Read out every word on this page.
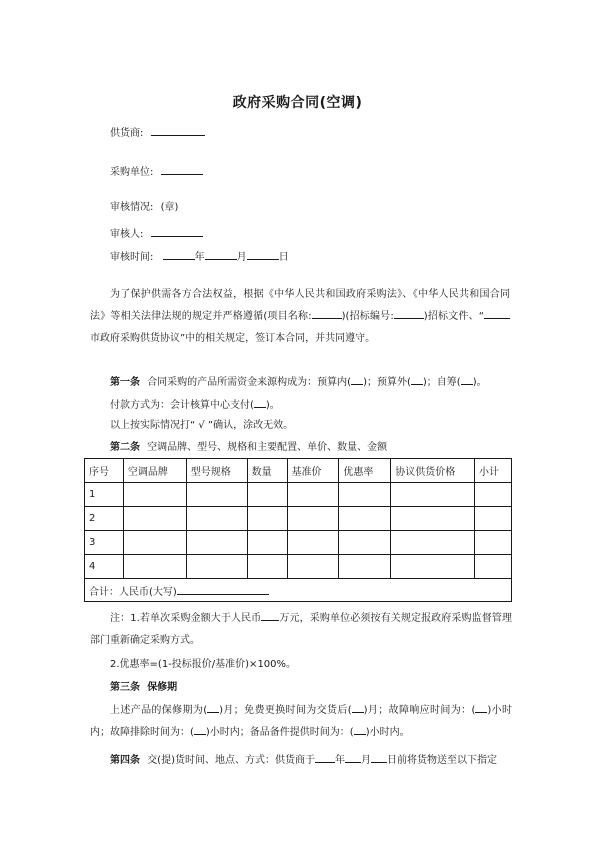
政府采购合同(空调)
供货商:
采购单位:
审核情况: (章)
审核人:
审核时间:	年	月	日
为了保护供需各方合法权益，根据《中华人民共和国政府采购法》、《中华人民共和国合同法》等相关法律法规的规定并严格遵循(项目名称:	)(招标编号:	)招标文件、“市政府采购供货协议”中的相关规定，签订本合同，并共同遵守。
第一条 合同采购的产品所需资金来源构成为：预算内( )；预算外( )；自筹( )。
付款方式为：会计核算中心支付( )。
以上按实际情况打“ √ ”确认，涂改无效。
第二条 空调品牌、型号、规格和主要配置、单价、数量、金额
序号	空调品牌	型号规格	数量	基准价	优惠率	协议供货价格	小计
1							
2							
3							
4							
合计：人民币(大写)							
注：1.若单次采购金额大于人民币 万元，采购单位必须按有关规定报政府采购监督管理部门重新确定采购方式。
2.优惠率=(1-投标报价/基准价)×100%。
第三条 保修期
上述产品的保修期为( )月；免费更换时间为交货后( )月；故障响应时间为：( )小时内；故障排除时间为：( )小时内；备品备件提供时间为：( )小时内。
第四条 交(提)货时间、地点、方式：供货商于 年 月 日前将货物送至以下指定
